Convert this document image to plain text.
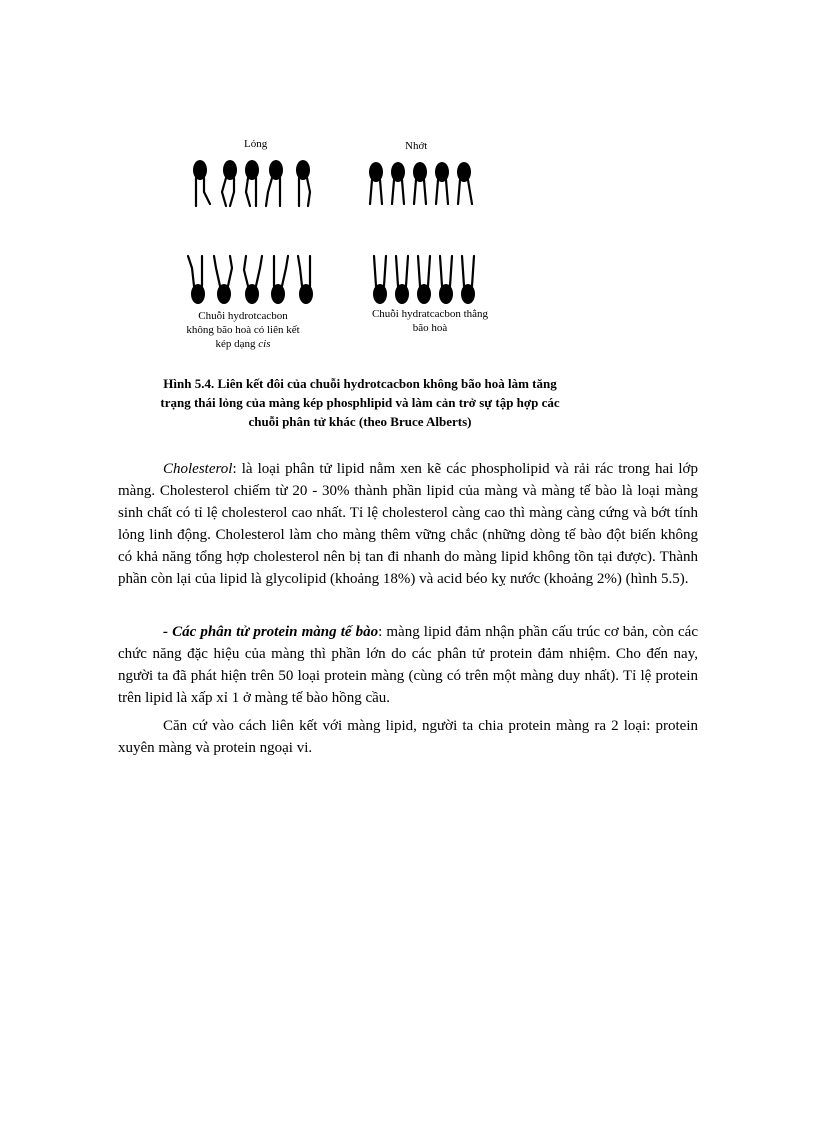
Lỏng	Nhớt
Chuỗi hydrotcacbon
không bão hoà có liên kết
kép dạng cis
Chuỗi hydratcacbon thẳng
bão hoà
Hình 5.4. Liên kết đôi của chuỗi hydrotcacbon không bão hoà làm tăng
trạng thái lỏng của màng kép phosphlipid và làm cản trở sự tập hợp các
chuỗi phân tử khác (theo Bruce Alberts)

Cholesterol: là loại phân tử lipid nằm xen kẽ các phospholipid và rải rác trong hai lớp màng. Cholesterol chiếm từ 20 - 30% thành phần lipid của màng và màng tế bào là loại màng sinh chất có tỉ lệ cholesterol cao nhất. Tỉ lệ cholesterol càng cao thì màng càng cứng và bớt tính lỏng linh động. Cholesterol làm cho màng thêm vững chắc (những dòng tế bào đột biến không có khả năng tổng hợp cholesterol nên bị tan đi nhanh do màng lipid không tồn tại được). Thành phần còn lại của lipid là glycolipid (khoảng 18%) và acid béo kỵ nước (khoảng 2%) (hình 5.5).

- Các phân tử protein màng tế bào: màng lipid đảm nhận phần cấu trúc cơ bản, còn các chức năng đặc hiệu của màng thì phần lớn do các phân tử protein đảm nhiệm. Cho đến nay, người ta đã phát hiện trên 50 loại protein màng (cùng có trên một màng duy nhất). Tỉ lệ protein trên lipid là xấp xỉ 1 ở màng tế bào hồng cầu.

Căn cứ vào cách liên kết với màng lipid, người ta chia protein màng ra 2 loại: protein xuyên màng và protein ngoại vi.
